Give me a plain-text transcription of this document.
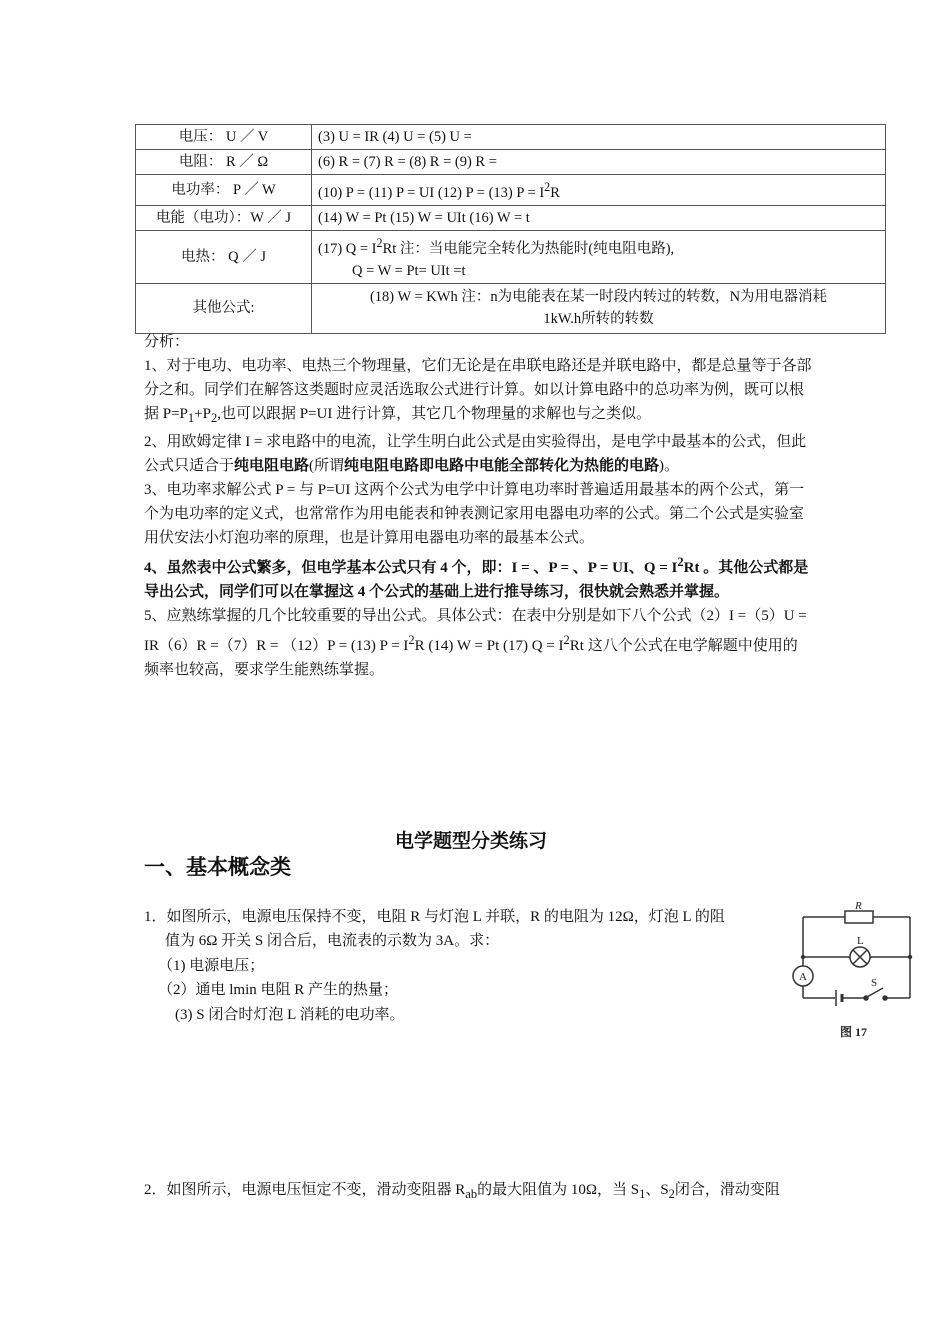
电压： U ／ V	(3) U = IR (4) U = (5) U =
电阻： R ／ Ω	(6) R = (7) R = (8) R = (9) R =
电功率： P ／ W	(10) P = (11) P = UI (12) P = (13) $P = I^2R$
电能（电功）：W ／ J	(14) W = Pt (15) W = UIt (16) W = t
电热： Q ／ J	(17) $Q = I^2Rt$ 注：当电能完全转化为热能时(纯电阻电路),
Q = W = Pt= UIt =t

其他公式:	(18) W = KWh 注：n为电能表在某一时段内转过的转数，N为用电器消耗
1kW.h所转的转数

分析：

1、对于电功、电功率、电热三个物理量，它们无论是在串联电路还是并联电路中，都是总量等于各部分之和。同学们在解答这类题时应灵活选取公式进行计算。如以计算电路中的总功率为例，既可以根据 $P=P_1+P_2$,也可以跟据 P=UI 进行计算，其它几个物理量的求解也与之类似。

2、用欧姆定律 I = 求电路中的电流，让学生明白此公式是由实验得出，是电学中最基本的公式，但此公式只适合于纯电阻电路(所谓纯电阻电路即电路中电能全部转化为热能的电路)。

3、电功率求解公式 P = 与 P=UI 这两个公式为电学中计算电功率时普遍适用最基本的两个公式，第一个为电功率的定义式，也常常作为用电能表和钟表测记家用电器电功率的公式。第二个公式是实验室用伏安法小灯泡功率的原理，也是计算用电器电功率的最基本公式。

4、虽然表中公式繁多，但电学基本公式只有 4 个，即：I = 、P = 、P = UI、$Q = I^2Rt$ 。其他公式都是导出公式，同学们可以在掌握这 4 个公式的基础上进行推导练习，很快就会熟悉并掌握。

5、应熟练掌握的几个比较重要的导出公式。具体公式：在表中分别是如下八个公式（2）I =（5）U = IR（6）R =（7）R = （12）P = (13) $P = I^2R$ (14) W = Pt (17) $Q = I^2Rt$ 这八个公式在电学解题中使用的频率也较高，要求学生能熟练掌握。

电学题型分类练习
一、基本概念类
1．如图所示，电源电压保持不变，电阻 R 与灯泡 L 并联，R 的电阻为 12Ω，灯泡 L 的阻
值为 6Ω 开关 S 闭合后，电流表的示数为 3A。求：
（1) 电源电压；
（2）通电 lmin 电阻 R 产生的热量；
(3) S 闭合时灯泡 L 消耗的电功率。
R
L
A	S
图 17
2．如图所示，电源电压恒定不变，滑动变阻器 $R_{ab}$的最大阻值为 10Ω，当 $S_1$、$S_2$闭合，滑动变阻
